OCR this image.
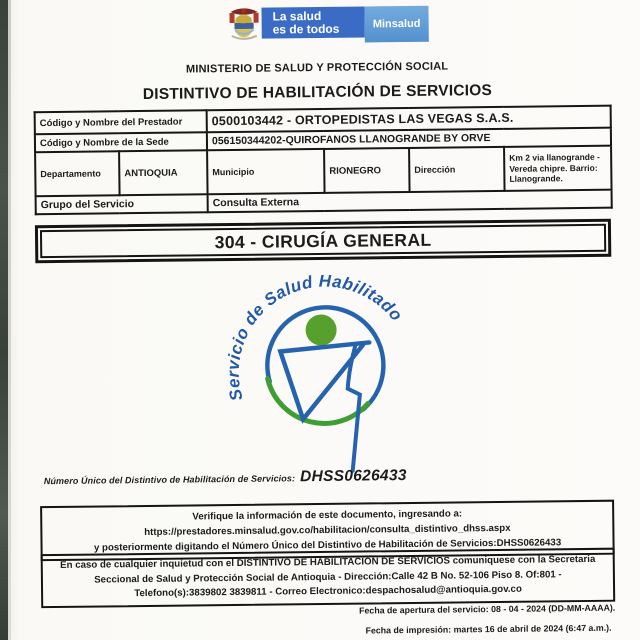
La salud
es de todos	Minsalud
MINISTERIO DE SALUD Y PROTECCIÓN SOCIAL
DISTINTIVO DE HABILITACIÓN DE SERVICIOS
Código y Nombre del Prestador		0500103442 - ORTOPEDISTAS LAS VEGAS S.A.S.			
Código y Nombre de la Sede		056150344202-QUIROFANOS LLANOGRANDE BY ORVE			
Departamento	ANTIOQUIA	Municipio	RIONEGRO	Dirección	Km 2 via llanogrande - Vereda chipre. Barrio: Llanogrande.
Grupo del Servicio		Consulta Externa			
304 - CIRUGÍA GENERAL
Servicio de Salud Habilitado
Número Único del Distintivo de Habilitación de Servicios: DHSS0626433
Verifique la información de este documento, ingresando a: https://prestadores.minsalud.gov.co/habilitacion/consulta_distintivo_dhss.aspx
y posteriormente digitando el Número Único del Distintivo de Habilitación de Servicios:DHSS0626433
En caso de cualquier inquietud con el DISTINTIVO DE HABILITACIÓN DE SERVICIOS comuniquese con la Secretaria Seccional de Salud y Protección Social de Antioquia - Dirección:Calle 42 B No. 52-106 Piso 8. Of:801 - Telefono(s):3839802 3839811 - Correo Electronico:despachosalud@antioquia.gov.co
Fecha de apertura del servicio: 08 - 04 - 2024 (DD-MM-AAAA).
Fecha de impresión: martes 16 de abril de 2024 (6:47 a.m.).
